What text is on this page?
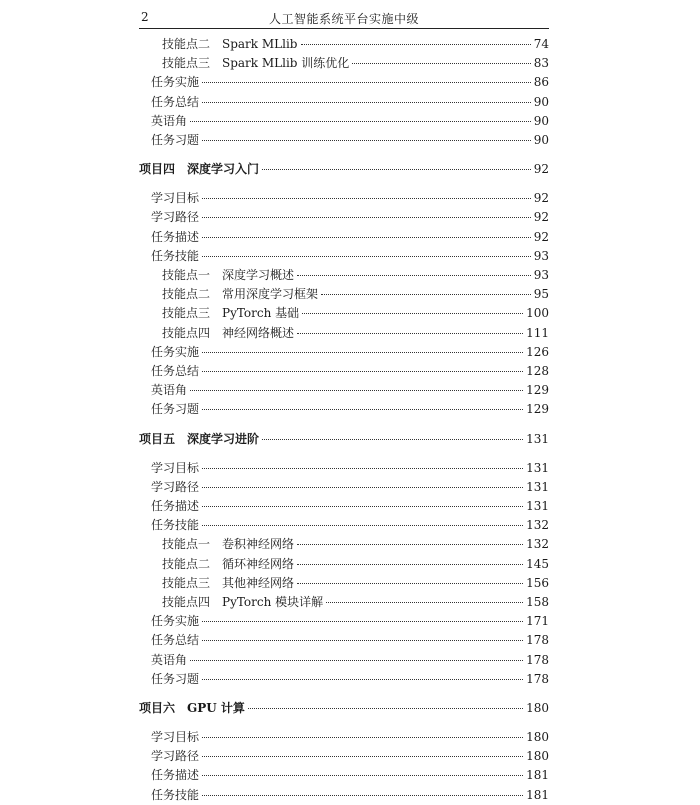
2	人工智能系统平台实施中级
技能点二　Spark MLlib	74
技能点三　Spark MLlib 训练优化	83
任务实施	86
任务总结	90
英语角	90
任务习题	90
项目四　深度学习入门	92
学习目标	92
学习路径	92
任务描述	92
任务技能	93
技能点一　深度学习概述	93
技能点二　常用深度学习框架	95
技能点三　PyTorch 基础	100
技能点四　神经网络概述	111
任务实施	126
任务总结	128
英语角	129
任务习题	129
项目五　深度学习进阶	131
学习目标	131
学习路径	131
任务描述	131
任务技能	132
技能点一　卷积神经网络	132
技能点二　循环神经网络	145
技能点三　其他神经网络	156
技能点四　PyTorch 模块详解	158
任务实施	171
任务总结	178
英语角	178
任务习题	178
项目六　GPU 计算	180
学习目标	180
学习路径	180
任务描述	181
任务技能	181
